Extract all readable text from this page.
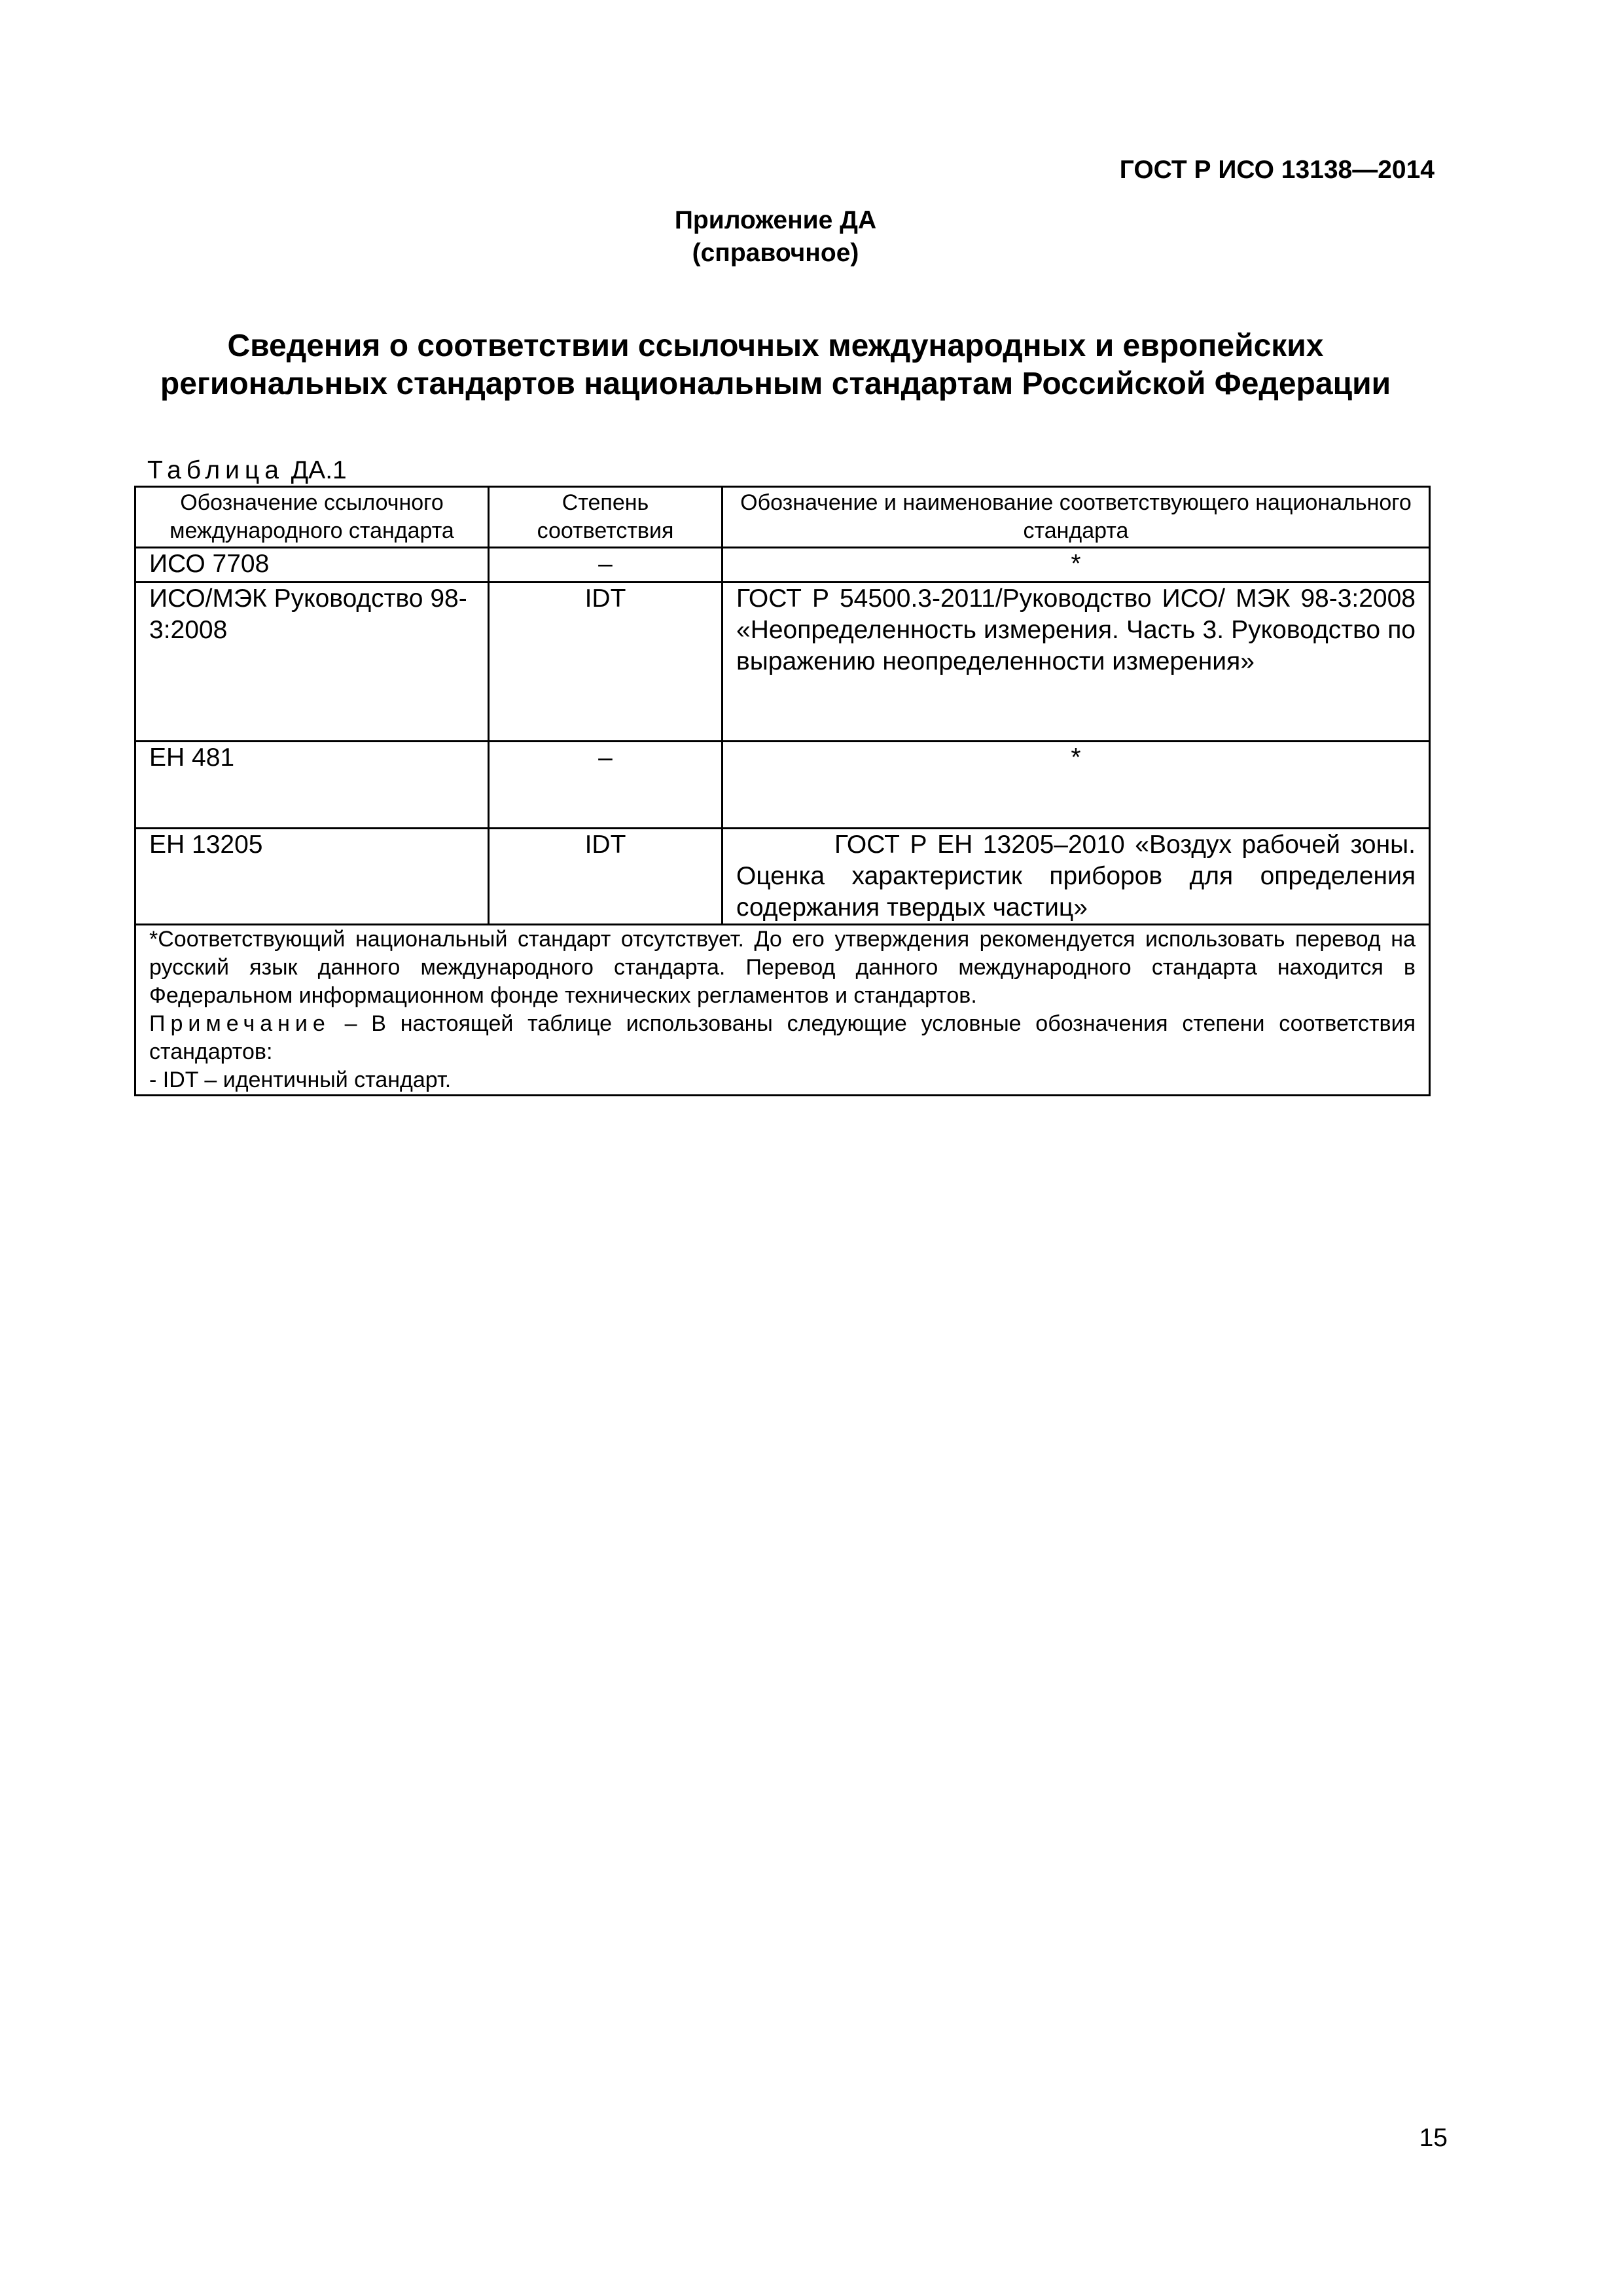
ГОСТ Р ИСО 13138—2014
Приложение ДА
(справочное)
Сведения о соответствии ссылочных международных и европейских
региональных стандартов национальным стандартам Российской Федерации
Таблица ДА.1
Обозначение ссылочного международного стандарта	Степень соответствия	Обозначение и наименование соответствующего национального стандарта
ИСО 7708	–	*
ИСО/МЭК Руководство 98-3:2008	IDT	ГОСТ Р 54500.3-2011/Руководство ИСО/ МЭК 98-3:2008 «Неопределенность измерения. Часть 3. Руководство по выражению неопределенности измерения»
ЕН 481	–	*
ЕН 13205	IDT	ГОСТ Р ЕН 13205–2010 «Воздух рабочей зоны. Оценка характеристик приборов для определения содержания твердых частиц»

*Соответствующий национальный стандарт отсутствует. До его утверждения рекомендуется использовать перевод на русский язык данного международного стандарта. Перевод данного международного стандарта находится в Федеральном информационном фонде технических регламентов и стандартов.
Примечание – В настоящей таблице использованы следующие условные обозначения степени соответствия стандартов:
- IDT – идентичный стандарт.		
15
